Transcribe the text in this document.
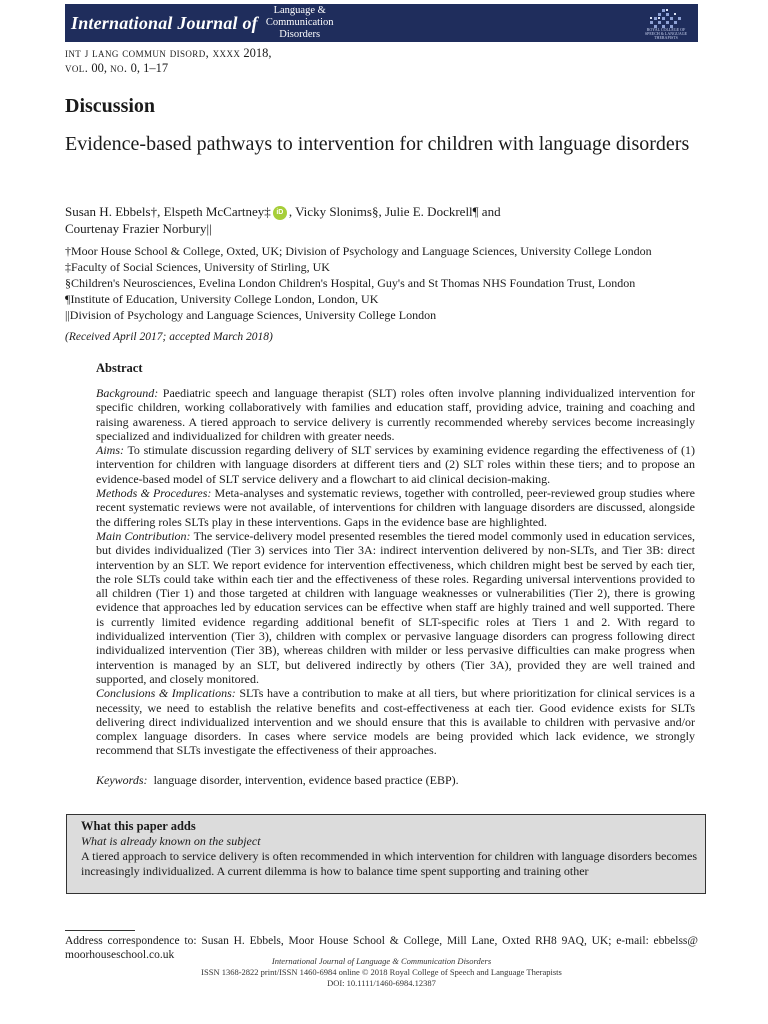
International Journal of
Language &
Communication
Disorders	ROYAL COLLEGE OF SPEECH & LANGUAGE THERAPISTS
int j lang commun disord, xxxx 2018,
vol. 00, no. 0, 1–17
Discussion
Evidence-based pathways to intervention for children with language disorders
Susan H. Ebbels†, Elspeth McCartney‡ iD , Vicky Slonims§, Julie E. Dockrell¶ and
Courtenay Frazier Norbury||
†Moor House School & College, Oxted, UK; Division of Psychology and Language Sciences, University College London
‡Faculty of Social Sciences, University of Stirling, UK
§Children's Neurosciences, Evelina London Children's Hospital, Guy's and St Thomas NHS Foundation Trust, London
¶Institute of Education, University College London, London, UK
||Division of Psychology and Language Sciences, University College London
(Received April 2017; accepted March 2018)
Abstract

Background: Paediatric speech and language therapist (SLT) roles often involve planning individualized intervention for specific children, working collaboratively with families and education staff, providing advice, training and coaching and raising awareness. A tiered approach to service delivery is currently recommended whereby services become increasingly specialized and individualized for children with greater needs.

Aims: To stimulate discussion regarding delivery of SLT services by examining evidence regarding the effectiveness of (1) intervention for children with language disorders at different tiers and (2) SLT roles within these tiers; and to propose an evidence-based model of SLT service delivery and a flowchart to aid clinical decision-making.

Methods & Procedures: Meta-analyses and systematic reviews, together with controlled, peer-reviewed group studies where recent systematic reviews were not available, of interventions for children with language disorders are discussed, alongside the differing roles SLTs play in these interventions. Gaps in the evidence base are highlighted.

Main Contribution: The service-delivery model presented resembles the tiered model commonly used in education services, but divides individualized (Tier 3) services into Tier 3A: indirect intervention delivered by non-SLTs, and Tier 3B: direct intervention by an SLT. We report evidence for intervention effectiveness, which children might best be served by each tier, the role SLTs could take within each tier and the effectiveness of these roles. Regarding universal interventions provided to all children (Tier 1) and those targeted at children with language weaknesses or vulnerabilities (Tier 2), there is growing evidence that approaches led by education services can be effective when staff are highly trained and well supported. There is currently limited evidence regarding additional benefit of SLT-specific roles at Tiers 1 and 2. With regard to individualized intervention (Tier 3), children with complex or pervasive language disorders can progress following direct individualized intervention (Tier 3B), whereas children with milder or less pervasive difficulties can make progress when intervention is managed by an SLT, but delivered indirectly by others (Tier 3A), provided they are well trained and supported, and closely monitored.

Conclusions & Implications: SLTs have a contribution to make at all tiers, but where prioritization for clinical services is a necessity, we need to establish the relative benefits and cost-effectiveness at each tier. Good evidence exists for SLTs delivering direct individualized intervention and we should ensure that this is available to children with pervasive and/or complex language disorders. In cases where service models are being provided which lack evidence, we strongly recommend that SLTs investigate the effectiveness of their approaches.

Keywords: language disorder, intervention, evidence based practice (EBP).
What this paper adds
What is already known on the subject
A tiered approach to service delivery is often recommended in which intervention for children with language disorders becomes increasingly individualized. A current dilemma is how to balance time spent supporting and training other
Address correspondence to: Susan H. Ebbels, Moor House School & College, Mill Lane, Oxted RH8 9AQ, UK; e-mail: ebbelss@ moorhouseschool.co.uk	International Journal of Language & Communication Disorders
ISSN 1368-2822 print/ISSN 1460-6984 online © 2018 Royal College of Speech and Language Therapists
DOI: 10.1111/1460-6984.12387
